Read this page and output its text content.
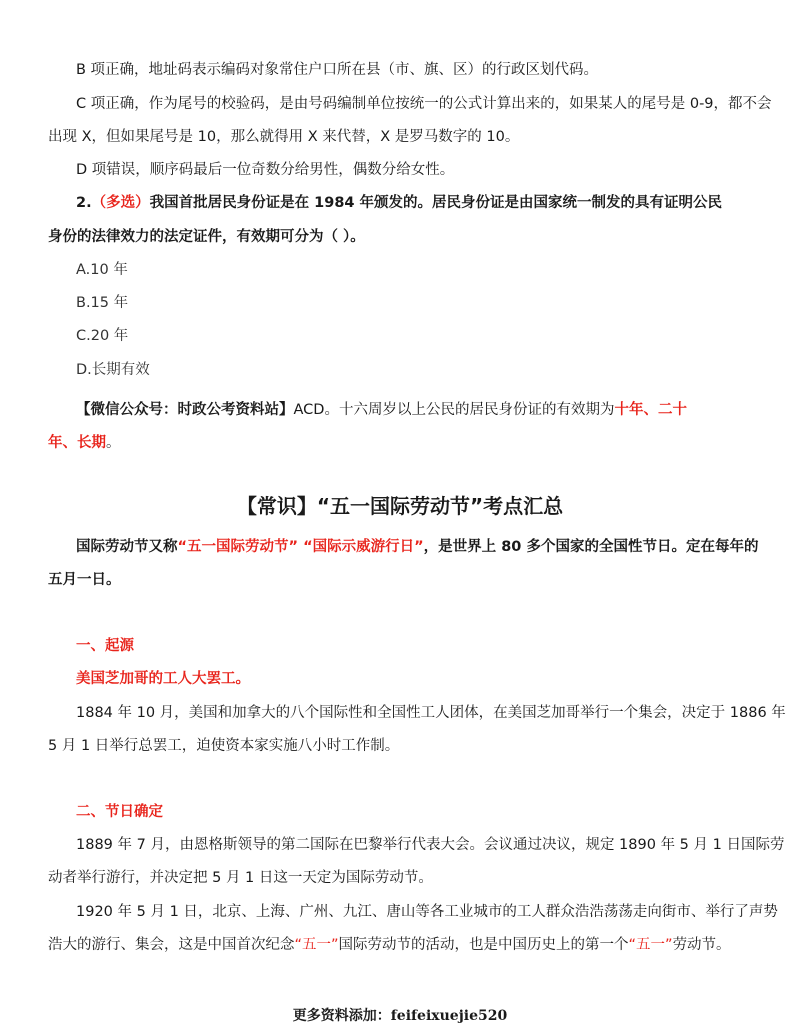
B 项正确，地址码表示编码对象常住户口所在县（市、旗、区）的行政区划代码。
C 项正确，作为尾号的校验码，是由号码编制单位按统一的公式计算出来的，如果某人的尾号是 0-9，都不会
出现 X，但如果尾号是 10，那么就得用 X 来代替，X 是罗马数字的 10。
D 项错误，顺序码最后一位奇数分给男性，偶数分给女性。
2.（多选）我国首批居民身份证是在 1984 年颁发的。居民身份证是由国家统一制发的具有证明公民
身份的法律效力的法定证件，有效期可分为（ ）。
A.10 年
B.15 年
C.20 年
D.长期有效
【微信公众号：时政公考资料站】ACD。十六周岁以上公民的居民身份证的有效期为十年、二十
年、长期。
【常识】“五一国际劳动节”考点汇总
国际劳动节又称“五一国际劳动节” “国际示威游行日”，是世界上 80 多个国家的全国性节日。定在每年的
五月一日。
一、起源
美国芝加哥的工人大罢工。
1884 年 10 月，美国和加拿大的八个国际性和全国性工人团体，在美国芝加哥举行一个集会，决定于 1886 年
5 月 1 日举行总罢工，迫使资本家实施八小时工作制。
二、节日确定
1889 年 7 月，由恩格斯领导的第二国际在巴黎举行代表大会。会议通过决议，规定 1890 年 5 月 1 日国际劳
动者举行游行，并决定把 5 月 1 日这一天定为国际劳动节。
1920 年 5 月 1 日，北京、上海、广州、九江、唐山等各工业城市的工人群众浩浩荡荡走向街市、举行了声势
浩大的游行、集会，这是中国首次纪念“五一”国际劳动节的活动，也是中国历史上的第一个“五一”劳动节。
更多资料添加：feifeixuejie520
